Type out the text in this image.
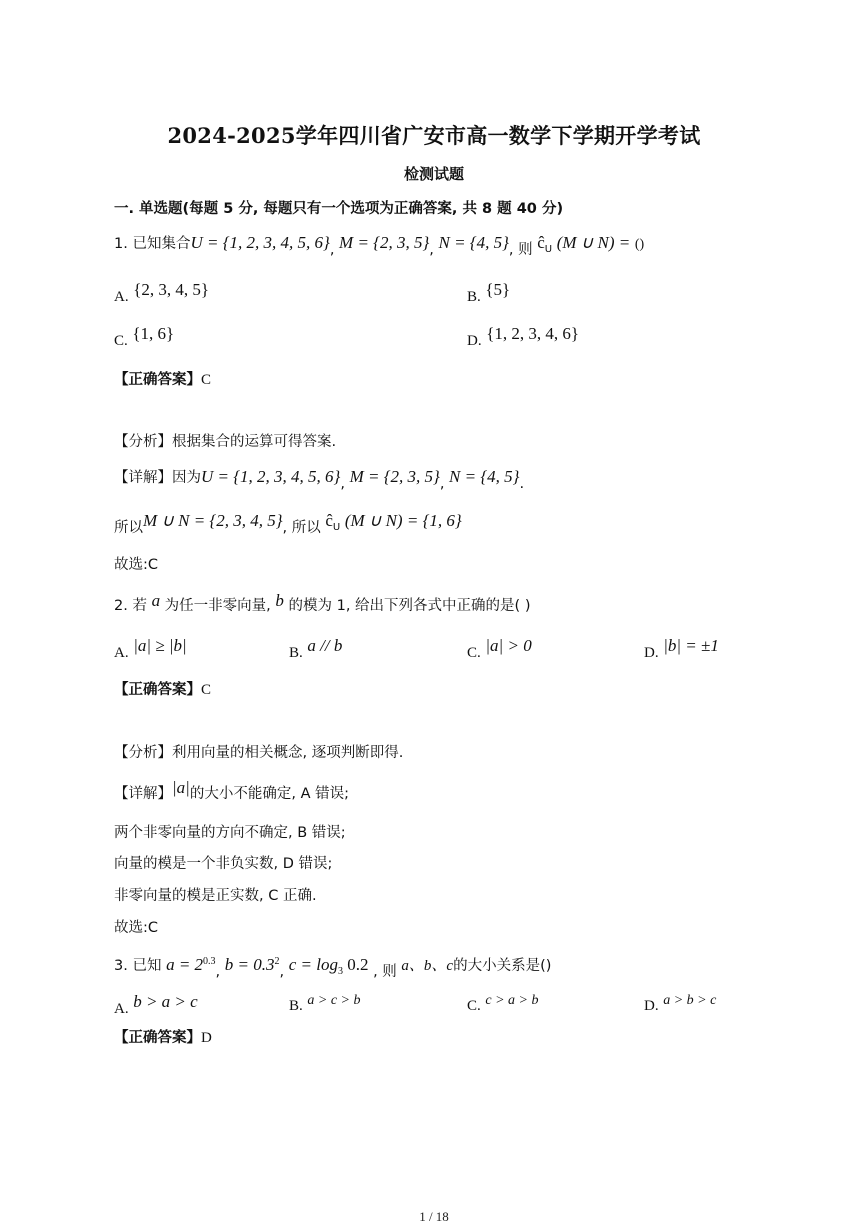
2024-2025学年四川省广安市高一数学下学期开学考试
检测试题
一. 单选题(每题 5 分, 每题只有一个选项为正确答案, 共 8 题 40 分)
1. 已知集合U = {1, 2, 3, 4, 5, 6}, M = {2, 3, 5}, N = {4, 5}, 则 $ĉ_U$ (M ∪ N) = ()
A. {2, 3, 4, 5}	B. {5}
C. {1, 6}	D. {1, 2, 3, 4, 6}
【正确答案】C
【分析】根据集合的运算可得答案.
【详解】因为U = {1, 2, 3, 4, 5, 6}, M = {2, 3, 5}, N = {4, 5}.
所以M ∪ N = {2, 3, 4, 5}, 所以 $ĉ_U$ (M ∪ N) = {1, 6}
故选:C
2. 若 a 为任一非零向量, b 的模为 1, 给出下列各式中正确的是( )
A. |a| ≥ |b|	B. a // b	C. |a| > 0	D. |b| = ±1
【正确答案】C
【分析】利用向量的相关概念, 逐项判断即得.
【详解】|a|的大小不能确定, A 错误;
两个非零向量的方向不确定, B 错误;
向量的模是一个非负实数, D 错误;
非零向量的模是正实数, C 正确.
故选:C
3. 已知 $a = 2^{0.3}$, $b = 0.3^2$, $c = \log_3 0.2$ , 则 a、b、c的大小关系是()
A. b > a > c	B. a > c > b	C. c > a > b	D. a > b > c
【正确答案】D
1 / 18
